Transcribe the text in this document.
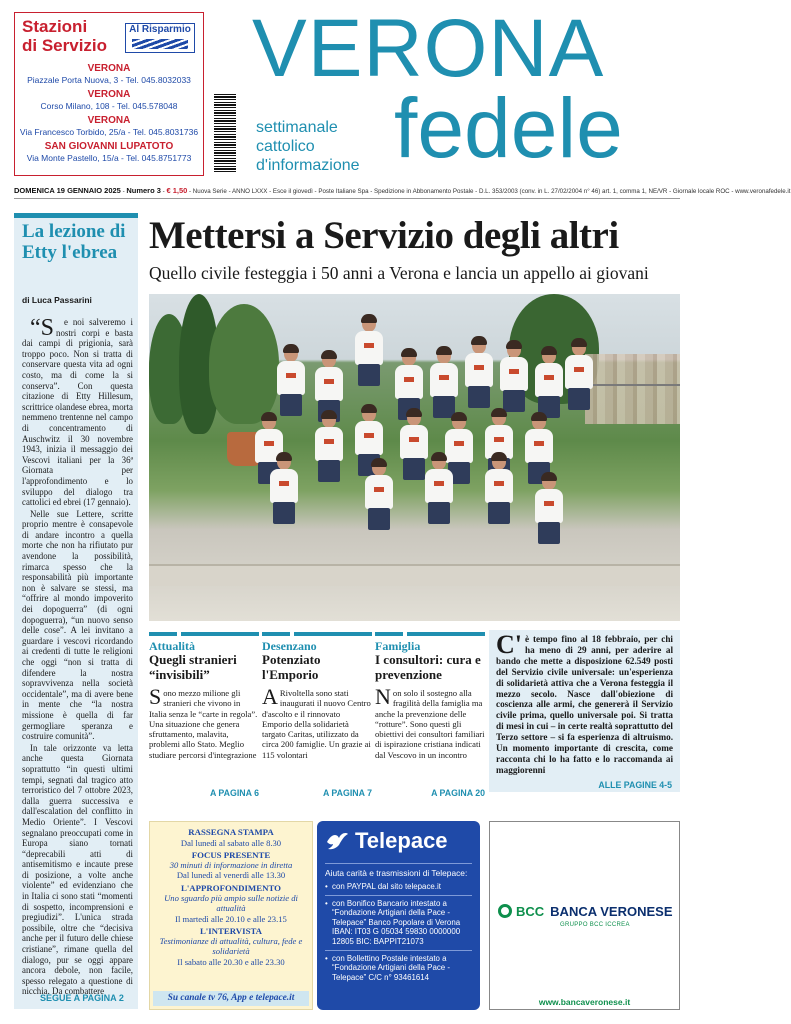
Stazioni
di Servizio
Al Risparmio
VERONA
Piazzale Porta Nuova, 3 - Tel. 045.8032033
VERONA
Corso Milano, 108 - Tel. 045.578048
VERONA
Via Francesco Torbido, 25/a - Tel. 045.8031736
SAN GIOVANNI LUPATOTO
Via Monte Pastello, 15/a - Tel. 045.8751773
VERONA
fedele
settimanale cattolico d'informazione
DOMENICA 19 GENNAIO 2025 - Numero 3 - € 1,50 - Nuova Serie - ANNO LXXX - Esce il giovedì - Poste Italiane Spa - Spedizione in Abbonamento Postale - D.L. 353/2003 (conv. in L. 27/02/2004 n° 46) art. 1, comma 1, NE/VR - Giornale locale ROC - www.veronafedele.it
La lezione di Etty l'ebrea
di Luca Passarini

“Se noi salveremo i nostri corpi e basta dai campi di prigionia, sarà troppo poco. Non si tratta di conservare questa vita ad ogni costo, ma di come la si conserva”. Con questa citazione di Etty Hillesum, scrittrice olandese ebrea, morta nemmeno trentenne nel campo di concentramento di Auschwitz il 30 novembre 1943, inizia il messaggio dei Vescovi italiani per la 36ª Giornata per l'approfondimento e lo sviluppo del dialogo tra cattolici ed ebrei (17 gennaio).

Nelle sue Lettere, scritte proprio mentre è consapevole di andare incontro a quella morte che non ha rifiutato pur avendone la possibilità, rimarca spesso che la responsabilità più importante non è salvare se stessi, ma “offrire al mondo impoverito dei dopoguerra” (di ogni dopoguerra), “un nuovo senso delle cose”. A lei invitano a guardare i vescovi ricordando ai credenti di tutte le religioni che oggi “non si tratta di difendere la nostra sopravvivenza nella società occidentale”, ma di avere bene in mente che “la nostra missione è quella di far germogliare speranza e costruire comunità”.

In tale orizzonte va letta anche questa Giornata soprattutto “in questi ultimi tempi, segnati dal tragico atto terroristico del 7 ottobre 2023, dalla guerra successiva e dall'escalation del conflitto in Medio Oriente”. I Vescovi segnalano preoccupati come in Europa siano tornati “deprecabili atti di antisemitismo e incaute prese di posizione, a volte anche violente” ed evidenziano che in Italia ci sono stati “momenti di sospetto, incomprensioni e pregiudizi”. L'unica strada possibile, oltre che “decisiva anche per il futuro delle chiese cristiane”, rimane quella del dialogo, pur se oggi appare ancora debole, non facile, spesso relegato a questione di nicchia. Da combattere

SEGUE A PAGINA 2
Mettersi a Servizio degli altri
Quello civile festeggia i 50 anni a Verona e lancia un appello ai giovani
Attualità
Quegli stranieri “invisibili”
Sono mezzo milione gli stranieri che vivono in Italia senza le “carte in regola”. Una situazione che genera sfruttamento, malavita, problemi allo Stato. Meglio studiare percorsi d'integrazione
A PAGINA 6
Desenzano
Potenziato l'Emporio
ARivoltella sono stati inaugurati il nuovo Centro d'ascolto e il rinnovato Emporio della solidarietà targato Caritas, utilizzato da circa 200 famiglie. Un grazie ai 115 volontari
A PAGINA 7
Famiglia
I consultori: cura e prevenzione
Non solo il sostegno alla fragilità della famiglia ma anche la prevenzione delle “rotture”. Sono questi gli obiettivi dei consultori familiari di ispirazione cristiana indicati dal Vescovo in un incontro
A PAGINA 20
C'è tempo fino al 18 febbraio, per chi ha meno di 29 anni, per aderire al bando che mette a disposizione 62.549 posti del Servizio civile universale: un'esperienza di solidarietà attiva che a Verona festeggia il mezzo secolo. Nasce dall'obiezione di coscienza alle armi, che genererà il Servizio civile prima, quello universale poi. Si tratta di mesi in cui – in certe realtà soprattutto del Terzo settore – si fa esperienza di altruismo. Un momento importante di crescita, come racconta chi lo ha fatto e lo raccomanda ai maggiorenni
ALLE PAGINE 4-5
RASSEGNA STAMPA
Dal lunedì al sabato alle 8.30
FOCUS PRESENTE
30 minuti di informazione in diretta
Dal lunedì al venerdì alle 13.30
L'APPROFONDIMENTO
Uno sguardo più ampio sulle notizie di attualità
Il martedì alle 20.10 e alle 23.15
L'INTERVISTA
Testimonianze di attualità, cultura, fede e solidarietà
Il sabato alle 20.30 e alle 23.30
Su canale tv 76, App e telepace.it
Telepace
Aiuta carità e trasmissioni di Telepace:
• con PAYPAL dal sito telepace.it
• con Bonifico Bancario intestato a “Fondazione Artigiani della Pace - Telepace” Banco Popolare di Verona IBAN: IT03 G 05034 59830 0000000 12805 BIC: BAPPIT21073
• con Bollettino Postale intestato a “Fondazione Artigiani della Pace - Telepace” C/C n° 93461614
BCC BANCA VERONESE
GRUPPO BCC ICCREA
www.bancaveronese.it
